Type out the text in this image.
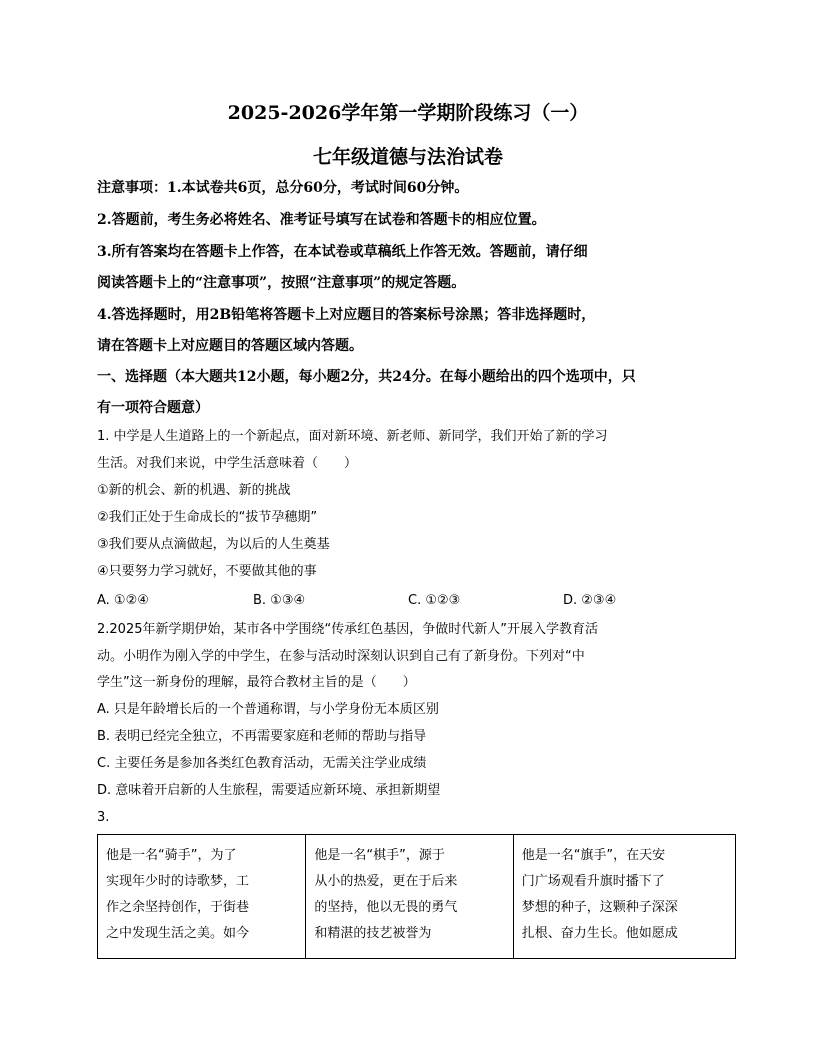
2025-2026学年第一学期阶段练习（一）
七年级道德与法治试卷
注意事项：1.本试卷共6页，总分60分，考试时间60分钟。
2.答题前，考生务必将姓名、准考证号填写在试卷和答题卡的相应位置。
3.所有答案均在答题卡上作答，在本试卷或草稿纸上作答无效。答题前，请仔细
阅读答题卡上的“注意事项”，按照“注意事项”的规定答题。
4.答选择题时，用2B铅笔将答题卡上对应题目的答案标号涂黑；答非选择题时，
请在答题卡上对应题目的答题区域内答题。
一、选择题（本大题共12小题，每小题2分，共24分。在每小题给出的四个选项中，只
有一项符合题意）
1. 中学是人生道路上的一个新起点，面对新环境、新老师、新同学，我们开始了新的学习
生活。对我们来说，中学生活意味着（　　）
①新的机会、新的机遇、新的挑战
②我们正处于生命成长的“拔节孕穗期”
③我们要从点滴做起，为以后的人生奠基
④只要努力学习就好，不要做其他的事
A. ①②④	B. ①③④	C. ①②③	D. ②③④
2.2025年新学期伊始，某市各中学围绕“传承红色基因，争做时代新人”开展入学教育活
动。小明作为刚入学的中学生，在参与活动时深刻认识到自己有了新身份。下列对“中
学生”这一新身份的理解，最符合教材主旨的是（　　）
A. 只是年龄增长后的一个普通称谓，与小学身份无本质区别
B. 表明已经完全独立，不再需要家庭和老师的帮助与指导
C. 主要任务是参加各类红色教育活动，无需关注学业成绩
D. 意味着开启新的人生旅程，需要适应新环境、承担新期望
3.
他是一名“骑手”，为了
实现年少时的诗歌梦，工
作之余坚持创作，于街巷
之中发现生活之美。如今
他是一名“棋手”，源于
从小的热爱，更在于后来
的坚持，他以无畏的勇气
和精湛的技艺被誉为
他是一名“旗手”，在天安
门广场观看升旗时播下了
梦想的种子，这颗种子深深
扎根、奋力生长。他如愿成
